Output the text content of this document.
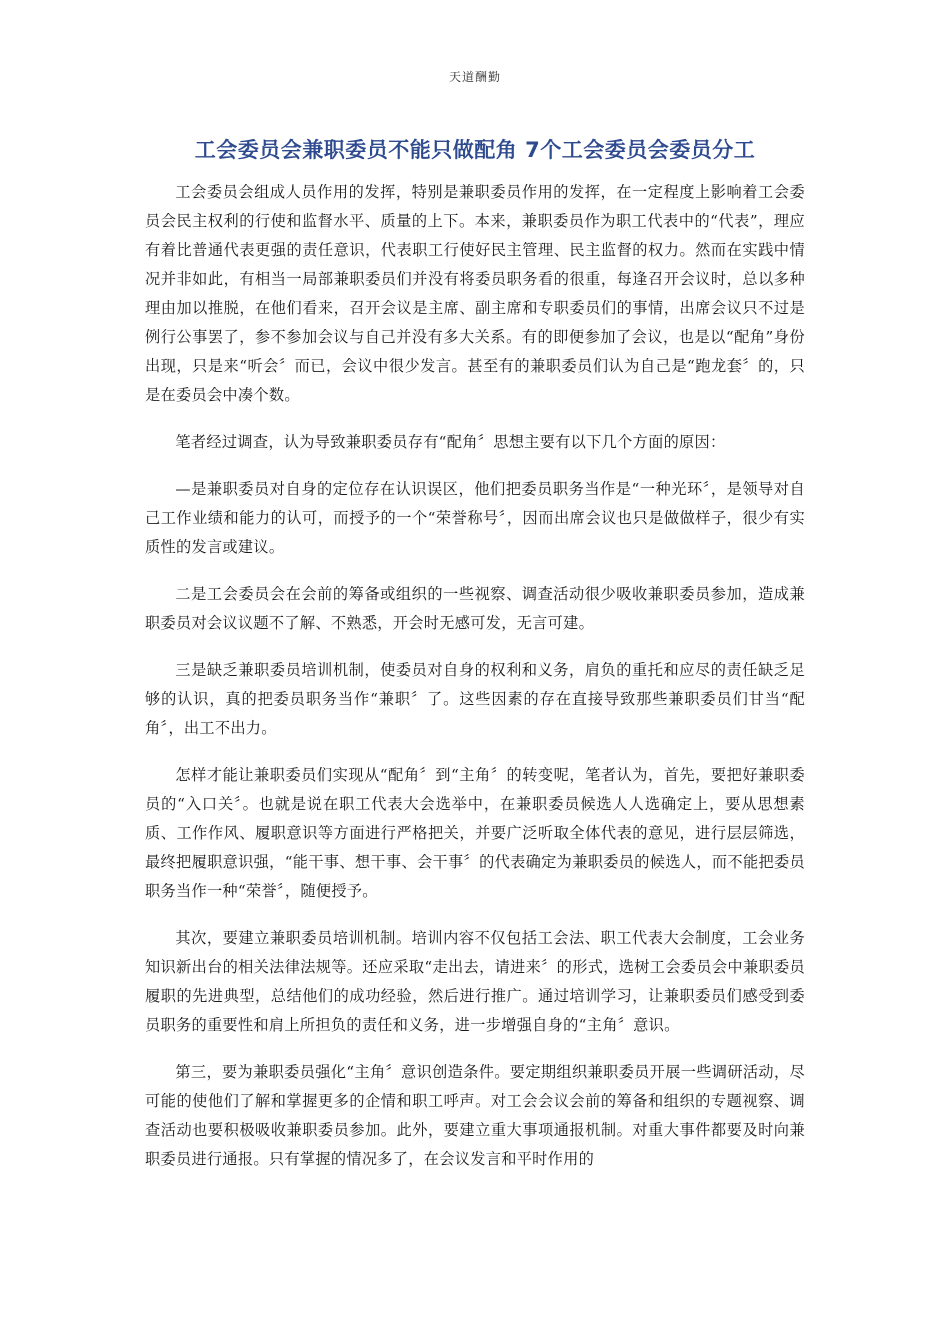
天道酬勤
工会委员会兼职委员不能只做配角 7个工会委员会委员分工

工会委员会组成人员作用的发挥，特别是兼职委员作用的发挥，在一定程度上影响着工会委员会民主权利的行使和监督水平、质量的上下。本来，兼职委员作为职工代表中的“代表”，理应有着比普通代表更强的责任意识，代表职工行使好民主管理、民主监督的权力。然而在实践中情况并非如此，有相当一局部兼职委员们并没有将委员职务看的很重，每逢召开会议时，总以多种理由加以推脱，在他们看来，召开会议是主席、副主席和专职委员们的事情，出席会议只不过是例行公事罢了，参不参加会议与自己并没有多大关系。有的即便参加了会议，也是以“配角”身份出现，只是来“听会〞而已，会议中很少发言。甚至有的兼职委员们认为自己是“跑龙套〞的，只是在委员会中凑个数。

笔者经过调查，认为导致兼职委员存有“配角〞思想主要有以下几个方面的原因：

—是兼职委员对自身的定位存在认识误区，他们把委员职务当作是“一种光环〞，是领导对自己工作业绩和能力的认可，而授予的一个“荣誉称号〞，因而出席会议也只是做做样子，很少有实质性的发言或建议。

二是工会委员会在会前的筹备或组织的一些视察、调查活动很少吸收兼职委员参加，造成兼职委员对会议议题不了解、不熟悉，开会时无感可发，无言可建。

三是缺乏兼职委员培训机制，使委员对自身的权利和义务，肩负的重托和应尽的责任缺乏足够的认识，真的把委员职务当作“兼职〞了。这些因素的存在直接导致那些兼职委员们甘当“配角〞，出工不出力。

怎样才能让兼职委员们实现从“配角〞到“主角〞的转变呢，笔者认为，首先，要把好兼职委员的“入口关〞。也就是说在职工代表大会选举中，在兼职委员候选人人选确定上，要从思想素质、工作作风、履职意识等方面进行严格把关，并要广泛听取全体代表的意见，进行层层筛选，最终把履职意识强，“能干事、想干事、会干事〞的代表确定为兼职委员的候选人，而不能把委员职务当作一种“荣誉〞，随便授予。

其次，要建立兼职委员培训机制。培训内容不仅包括工会法、职工代表大会制度，工会业务知识新出台的相关法律法规等。还应采取“走出去，请进来〞的形式，选树工会委员会中兼职委员履职的先进典型，总结他们的成功经验，然后进行推广。通过培训学习，让兼职委员们感受到委员职务的重要性和肩上所担负的责任和义务，进一步增强自身的“主角〞意识。

第三，要为兼职委员强化“主角〞意识创造条件。要定期组织兼职委员开展一些调研活动，尽可能的使他们了解和掌握更多的企情和职工呼声。对工会会议会前的筹备和组织的专题视察、调查活动也要积极吸收兼职委员参加。此外，要建立重大事项通报机制。对重大事件都要及时向兼职委员进行通报。只有掌握的情况多了，在会议发言和平时作用的
